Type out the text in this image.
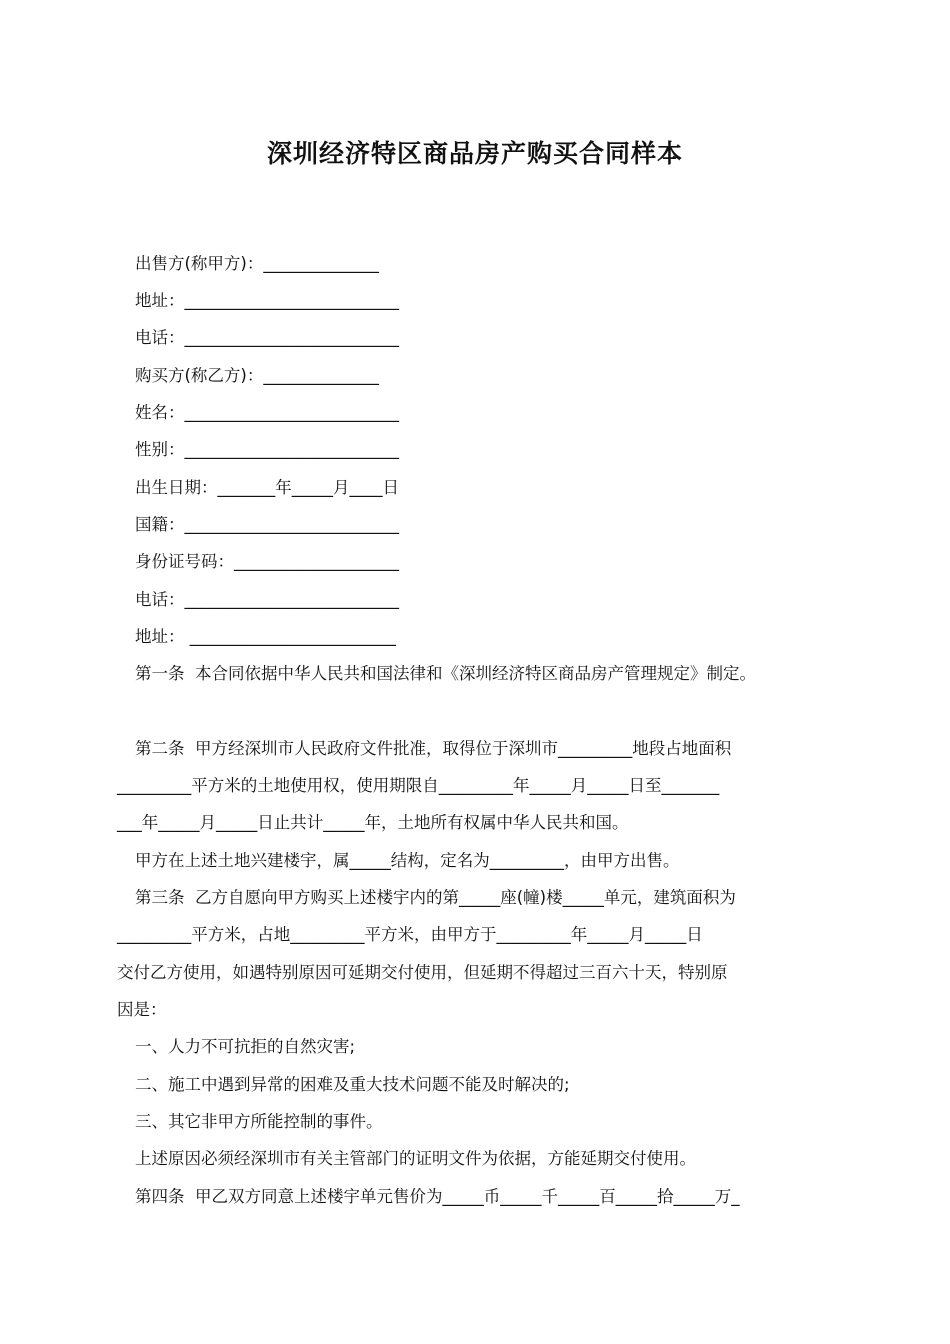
深圳经济特区商品房产购买合同样本
出售方(称甲方)：______________
地址：__________________________
电话：__________________________
购买方(称乙方)：______________
姓名：__________________________
性别：__________________________
出生日期：_______年_____月____日
国籍：__________________________
身份证号码：____________________
电话：__________________________
地址： _________________________
第一条  本合同依据中华人民共和国法律和《深圳经济特区商品房产管理规定》制定。
第二条  甲方经深圳市人民政府文件批准，取得位于深圳市_________地段占地面积
_________平方米的土地使用权，使用期限自_________年_____月_____日至_______
___年_____月_____日止共计_____年，土地所有权属中华人民共和国。
甲方在上述土地兴建楼宇，属_____结构，定名为_________，由甲方出售。
第三条  乙方自愿向甲方购买上述楼宇内的第_____座(幢)楼_____单元，建筑面积为
_________平方米，占地_________平方米，由甲方于_________年_____月_____日
交付乙方使用，如遇特别原因可延期交付使用，但延期不得超过三百六十天，特别原
因是：
一、人力不可抗拒的自然灾害;
二、施工中遇到异常的困难及重大技术问题不能及时解决的;
三、其它非甲方所能控制的事件。
上述原因必须经深圳市有关主管部门的证明文件为依据，方能延期交付使用。
第四条  甲乙双方同意上述楼宇单元售价为_____币_____千_____百_____拾_____万_
